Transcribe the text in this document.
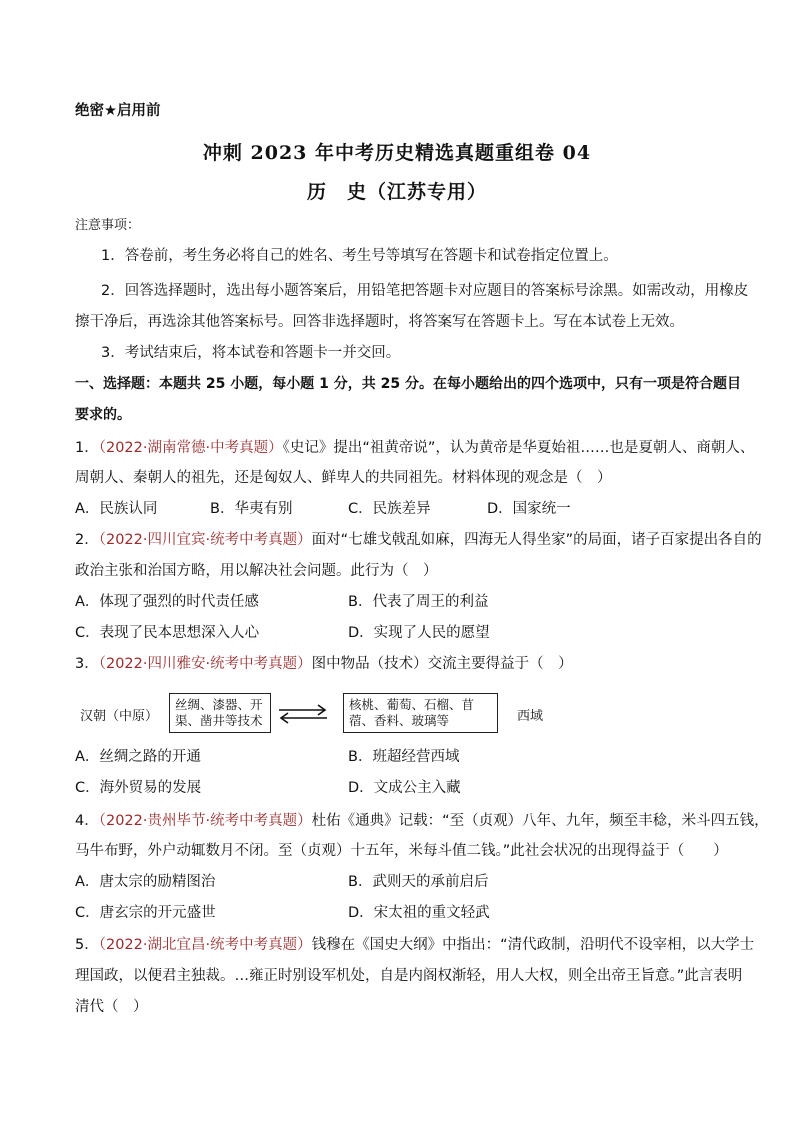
绝密★启用前
冲刺 2023 年中考历史精选真题重组卷 04
历　史（江苏专用）
注意事项：
1．答卷前，考生务必将自己的姓名、考生号等填写在答题卡和试卷指定位置上。
2．回答选择题时，选出每小题答案后，用铅笔把答题卡对应题目的答案标号涂黑。如需改动，用橡皮
擦干净后，再选涂其他答案标号。回答非选择题时，将答案写在答题卡上。写在本试卷上无效。
3．考试结束后，将本试卷和答题卡一并交回。
一、选择题：本题共 25 小题，每小题 1 分，共 25 分。在每小题给出的四个选项中，只有一项是符合题目
要求的。
1．（2022·湖南常德·中考真题）《史记》提出“祖黄帝说”，认为黄帝是华夏始祖……也是夏朝人、商朝人、
周朝人、秦朝人的祖先，还是匈奴人、鲜卑人的共同祖先。材料体现的观念是（　）
A．民族认同	B．华夷有别	C．民族差异	D．国家统一
2．（2022·四川宜宾·统考中考真题）面对“七雄戈戟乱如麻，四海无人得坐家”的局面，诸子百家提出各自的
政治主张和治国方略，用以解决社会问题。此行为（　）
A．体现了强烈的时代责任感	B．代表了周王的利益
C．表现了民本思想深入人心	D．实现了人民的愿望
3．（2022·四川雅安·统考中考真题）图中物品（技术）交流主要得益于（　）
汉朝（中原）
丝绸、漆器、开渠、凿井等技术
核桃、葡萄、石榴、苜蓿、香料、玻璃等	西域
A．丝绸之路的开通	B．班超经营西域
C．海外贸易的发展	D．文成公主入藏
4．（2022·贵州毕节·统考中考真题）杜佑《通典》记载：“至（贞观）八年、九年，频至丰稔，米斗四五钱，
马牛布野，外户动辄数月不闭。至（贞观）十五年，米每斗值二钱。”此社会状况的出现得益于（　　）
A．唐太宗的励精图治	B．武则天的承前启后
C．唐玄宗的开元盛世	D．宋太祖的重文轻武
5．（2022·湖北宜昌·统考中考真题）钱穆在《国史大纲》中指出：“清代政制，沿明代不设宰相，以大学士
理国政，以便君主独裁。…雍正时别设军机处，自是内阁权渐轻，用人大权，则全出帝王旨意。”此言表明
清代（　）
